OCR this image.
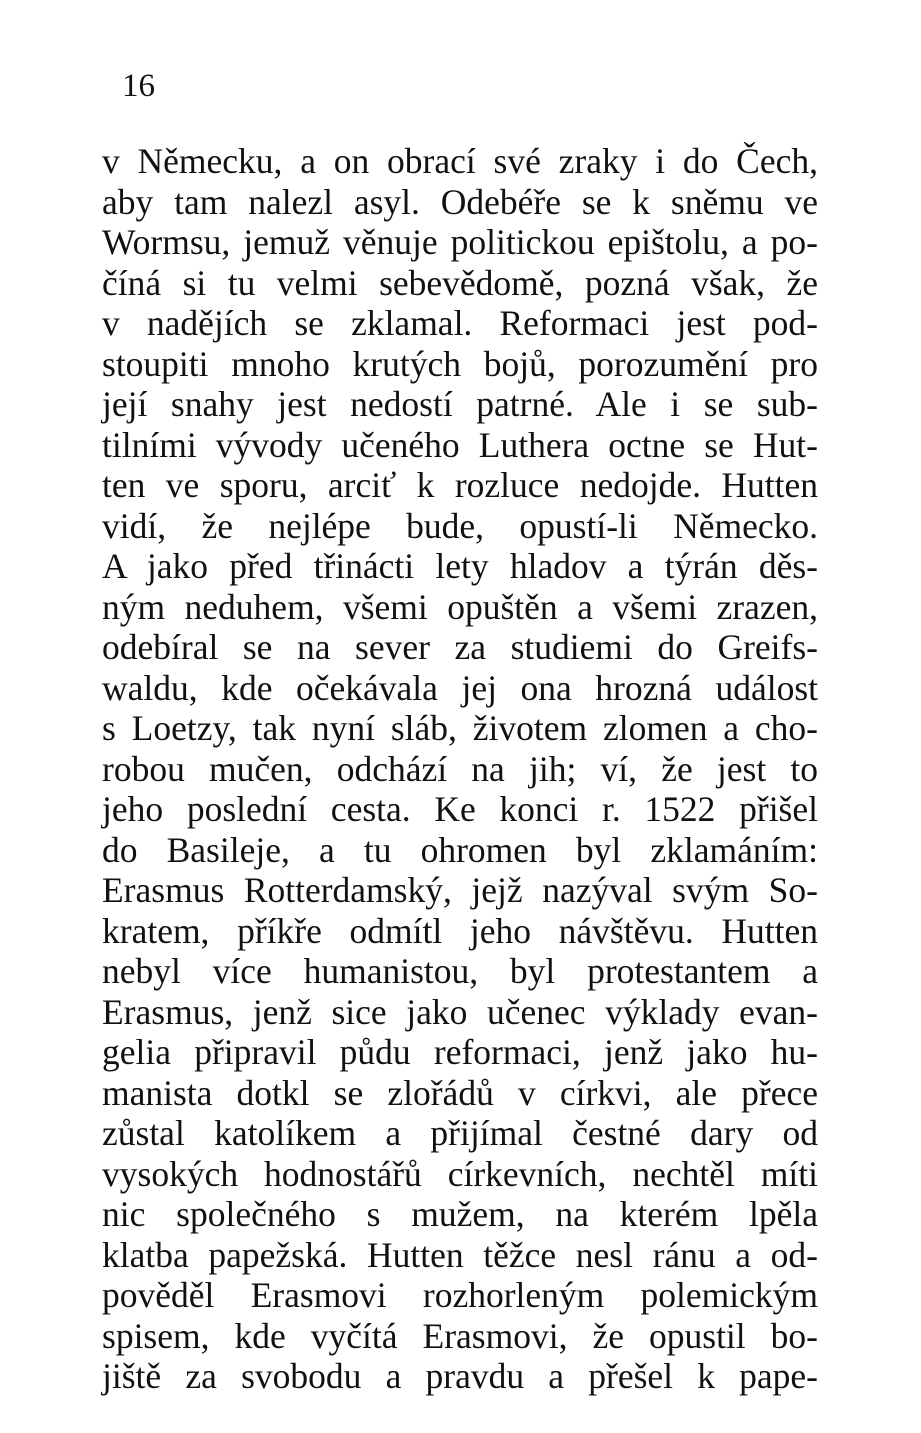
16
v Německu, a on obrací své zraky i do Čech,
aby tam nalezl asyl. Odebéře se k sněmu ve
Wormsu, jemuž věnuje politickou epištolu, a po-
číná si tu velmi sebevědomě, pozná však, že
v nadějích se zklamal. Reformaci jest pod-
stoupiti mnoho krutých bojů, porozumění pro
její snahy jest nedostí patrné. Ale i se sub-
tilními vývody učeného Luthera octne se Hut-
ten ve sporu, arciť k rozluce nedojde. Hutten
vidí, že nejlépe bude, opustí-li Německo.
A jako před třinácti lety hladov a týrán děs-
ným neduhem, všemi opuštěn a všemi zrazen,
odebíral se na sever za studiemi do Greifs-
waldu, kde očekávala jej ona hrozná událost
s Loetzy, tak nyní sláb, životem zlomen a cho-
robou mučen, odchází na jih; ví, že jest to
jeho poslední cesta. Ke konci r. 1522 přišel
do Basileje, a tu ohromen byl zklamáním:
Erasmus Rotterdamský, jejž nazýval svým So-
kratem, příkře odmítl jeho návštěvu. Hutten
nebyl více humanistou, byl protestantem a
Erasmus, jenž sice jako učenec výklady evan-
gelia připravil půdu reformaci, jenž jako hu-
manista dotkl se zlořádů v církvi, ale přece
zůstal katolíkem a přijímal čestné dary od
vysokých hodnostářů církevních, nechtěl míti
nic společného s mužem, na kterém lpěla
klatba papežská. Hutten těžce nesl ránu a od-
pověděl Erasmovi rozhorleným polemickým
spisem, kde vyčítá Erasmovi, že opustil bo-
jiště za svobodu a pravdu a přešel k pape-
